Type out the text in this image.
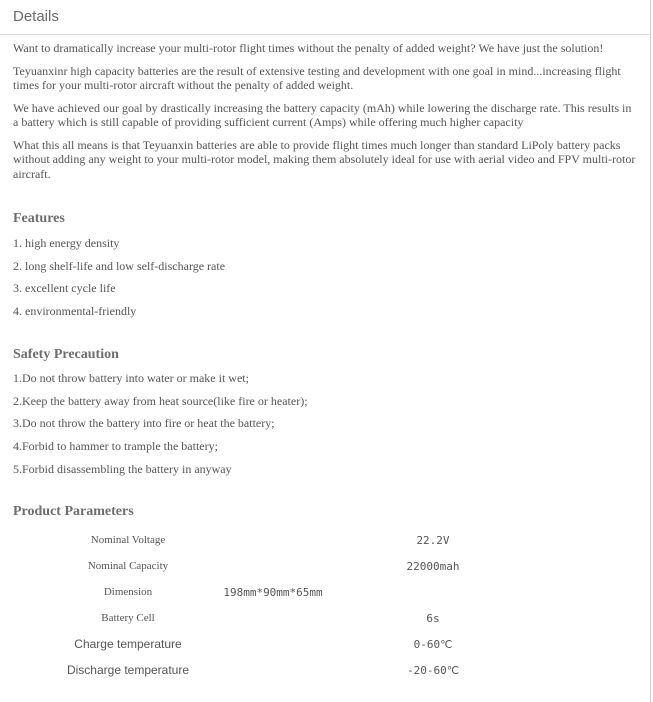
Details

Want to dramatically increase your multi-rotor flight times without the penalty of added weight? We have just the solution!

Teyuanxinr high capacity batteries are the result of extensive testing and development with one goal in mind...increasing flight times for your multi-rotor aircraft without the penalty of added weight.

We have achieved our goal by drastically increasing the battery capacity (mAh) while lowering the discharge rate. This results in a battery which is still capable of providing sufficient current (Amps) while offering much higher capacity

What this all means is that Teyuanxin batteries are able to provide flight times much longer than standard LiPoly battery packs without adding any weight to your multi-rotor model, making them absolutely ideal for use with aerial video and FPV multi-rotor aircraft.

Features

1. high energy density

2. long shelf-life and low self-discharge rate

3. excellent cycle life

4. environmental-friendly

Safety Precaution

1.Do not throw battery into water or make it wet;

2.Keep the battery away from heat source(like fire or heater);

3.Do not throw the battery into fire or heat the battery;

4.Forbid to hammer to trample the battery;

5.Forbid disassembling the battery in anyway

Product Parameters

Nominal Voltage		22.2V
Nominal Capacity		22000mah
Dimension	198mm*90mm*65mm	
Battery Cell		6s
Charge temperature		0-60℃
Discharge temperature		-20-60℃
